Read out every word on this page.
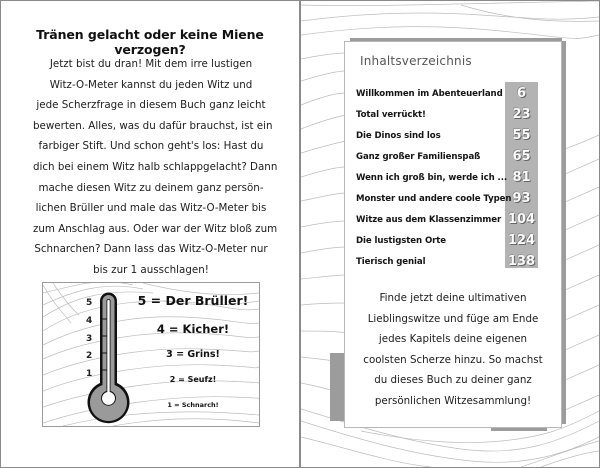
Tränen gelacht oder keine Miene verzogen?
Jetzt bist du dran! Mit dem irre lustigen
Witz-O-Meter kannst du jeden Witz und
jede Scherzfrage in diesem Buch ganz leicht
bewerten. Alles, was du dafür brauchst, ist ein
farbiger Stift. Und schon geht's los: Hast du
dich bei einem Witz halb schlappgelacht? Dann
mache diesen Witz zu deinem ganz persön-
lichen Brüller und male das Witz-O-Meter bis
zum Anschlag aus. Oder war der Witz bloß zum
Schnarchen? Dann lass das Witz-O-Meter nur
bis zur 1 ausschlagen!
5
4
3
2
1
5 = Der Brüller!
4 = Kicher!
3 = Grins!
2 = Seufz!
1 = Schnarch!
Inhaltsverzeichnis
Willkommen im Abenteuerland	6
Total verrückt!	23
Die Dinos sind los	55
Ganz großer Familienspaß	65
Wenn ich groß bin, werde ich ... 81
Monster und andere coole Typen 93
Witze aus dem Klassenzimmer 104
Die lustigsten Orte	124
Tierisch genial	138
Finde jetzt deine ultimativen
Lieblingswitze und füge am Ende
jedes Kapitels deine eigenen
coolsten Scherze hinzu. So machst
du dieses Buch zu deiner ganz
persönlichen Witzesammlung!
